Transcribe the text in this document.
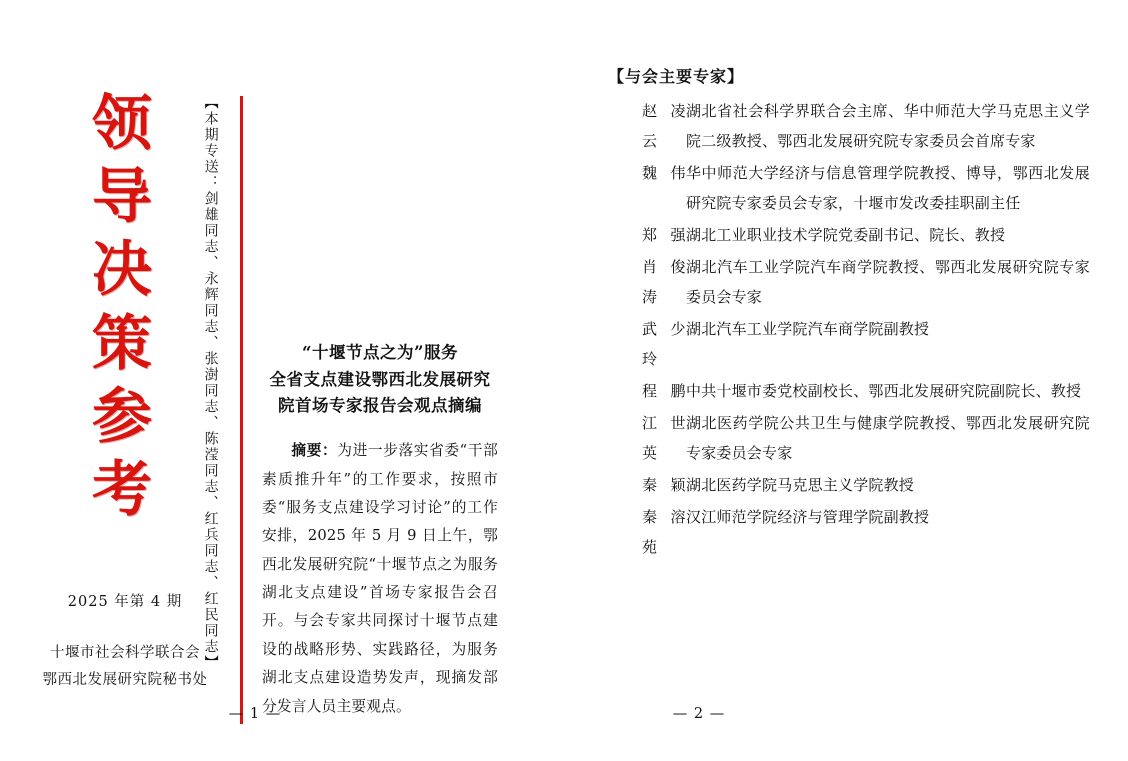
领
导
决
策
参
考
2025 年第 4 期
十堰市社会科学联合会
鄂西北发展研究院秘书处
【本期专送：剑雄同志、永辉同志、张澍同志、陈滢同志、红兵同志、红民同志】	“十堰节点之为”服务
全省支点建设鄂西北发展研究
院首场专家报告会观点摘编
摘要：为进一步落实省委“干部素质推升年”的工作要求，按照市委“服务支点建设学习讨论”的工作安排，2025 年 5 月 9 日上午，鄂西北发展研究院“十堰节点之为服务湖北支点建设”首场专家报告会召开。与会专家共同探讨十堰节点建设的战略形势、实践路径，为服务湖北支点建设造势发声，现摘发部分发言人员主要观点。
— 1 —
【与会主要专家】
赵凌云
湖北省社会科学界联合会主席、华中师范大学马克思主义学院二级教授、鄂西北发展研究院专家委员会首席专家
魏伟 华中师范大学经济与信息管理学院教授、博导，鄂西北发展研究院专家委员会专家，十堰市发改委挂职副主任
郑强 湖北工业职业技术学院党委副书记、院长、教授
肖俊涛
湖北汽车工业学院汽车商学院教授、鄂西北发展研究院专家委员会专家
武少玲
湖北汽车工业学院汽车商学院副教授
程鹏 中共十堰市委党校副校长、鄂西北发展研究院副院长、教授
江世英
湖北医药学院公共卫生与健康学院教授、鄂西北发展研究院专家委员会专家
秦颖 湖北医药学院马克思主义学院教授
秦溶苑
汉江师范学院经济与管理学院副教授
— 2 —
